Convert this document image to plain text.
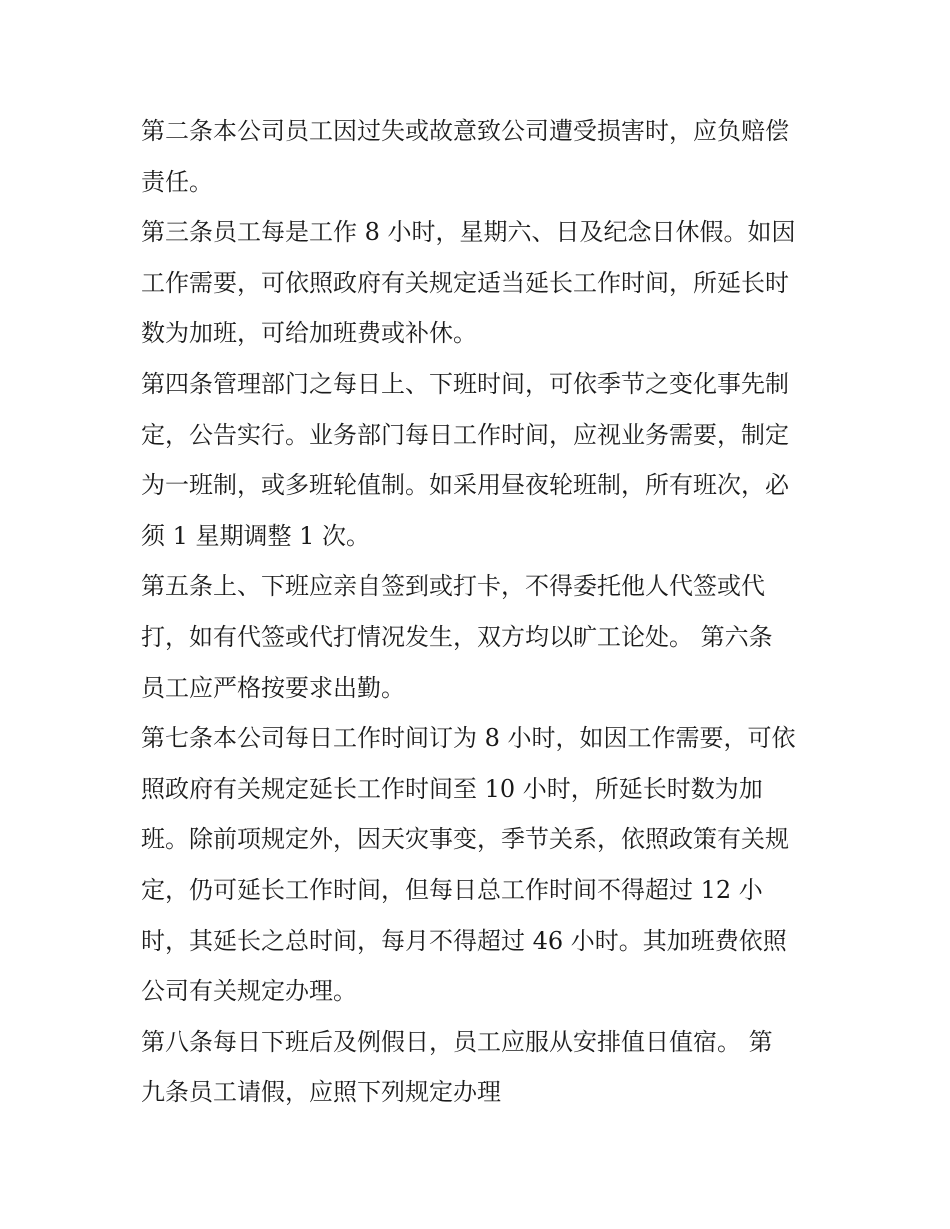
第二条本公司员工因过失或故意致公司遭受损害时，应负赔偿
责任。
第三条员工每是工作 8 小时，星期六、日及纪念日休假。如因
工作需要，可依照政府有关规定适当延长工作时间，所延长时
数为加班，可给加班费或补休。
第四条管理部门之每日上、下班时间，可依季节之变化事先制
定，公告实行。业务部门每日工作时间，应视业务需要，制定
为一班制，或多班轮值制。如采用昼夜轮班制，所有班次，必
须 1 星期调整 1 次。
第五条上、下班应亲自签到或打卡，不得委托他人代签或代
打，如有代签或代打情况发生，双方均以旷工论处。 第六条
员工应严格按要求出勤。
第七条本公司每日工作时间订为 8 小时，如因工作需要，可依
照政府有关规定延长工作时间至 10 小时，所延长时数为加
班。除前项规定外，因天灾事变，季节关系，依照政策有关规
定，仍可延长工作时间，但每日总工作时间不得超过 12 小
时，其延长之总时间，每月不得超过 46 小时。其加班费依照
公司有关规定办理。
第八条每日下班后及例假日，员工应服从安排值日值宿。 第
九条员工请假，应照下列规定办理
